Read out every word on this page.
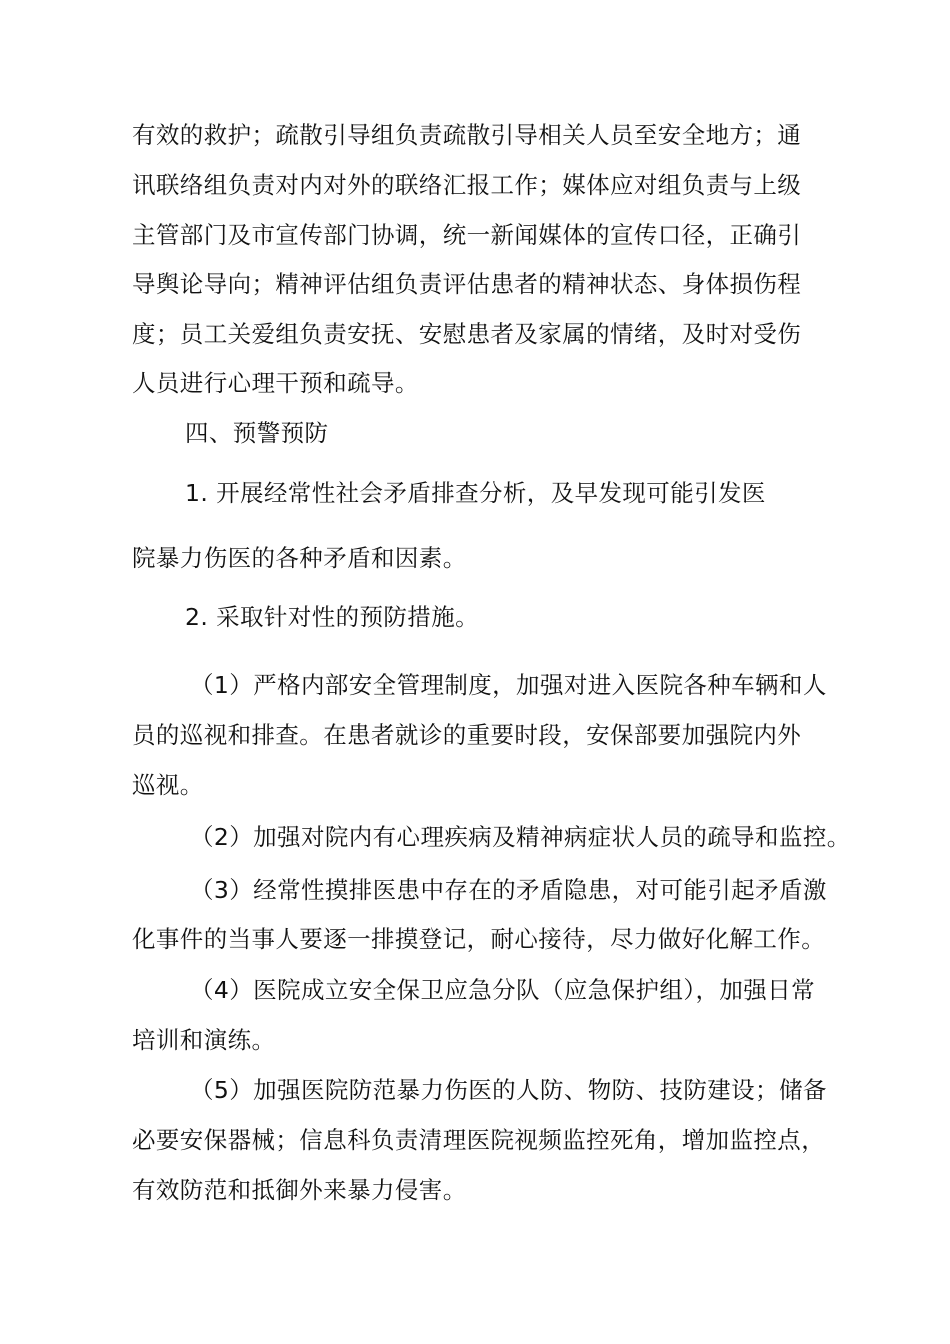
有效的救护；疏散引导组负责疏散引导相关人员至安全地方；通
讯联络组负责对内对外的联络汇报工作；媒体应对组负责与上级
主管部门及市宣传部门协调，统一新闻媒体的宣传口径，正确引
导舆论导向；精神评估组负责评估患者的精神状态、身体损伤程
度；员工关爱组负责安抚、安慰患者及家属的情绪，及时对受伤
人员进行心理干预和疏导。
四、预警预防
1. 开展经常性社会矛盾排查分析，及早发现可能引发医
院暴力伤医的各种矛盾和因素。
2. 采取针对性的预防措施。
（1）严格内部安全管理制度，加强对进入医院各种车辆和人
员的巡视和排查。在患者就诊的重要时段，安保部要加强院内外
巡视。
（2）加强对院内有心理疾病及精神病症状人员的疏导和监控。
（3）经常性摸排医患中存在的矛盾隐患，对可能引起矛盾激
化事件的当事人要逐一排摸登记，耐心接待，尽力做好化解工作。
（4）医院成立安全保卫应急分队（应急保护组），加强日常
培训和演练。
（5）加强医院防范暴力伤医的人防、物防、技防建设；储备
必要安保器械；信息科负责清理医院视频监控死角，增加监控点，
有效防范和抵御外来暴力侵害。
